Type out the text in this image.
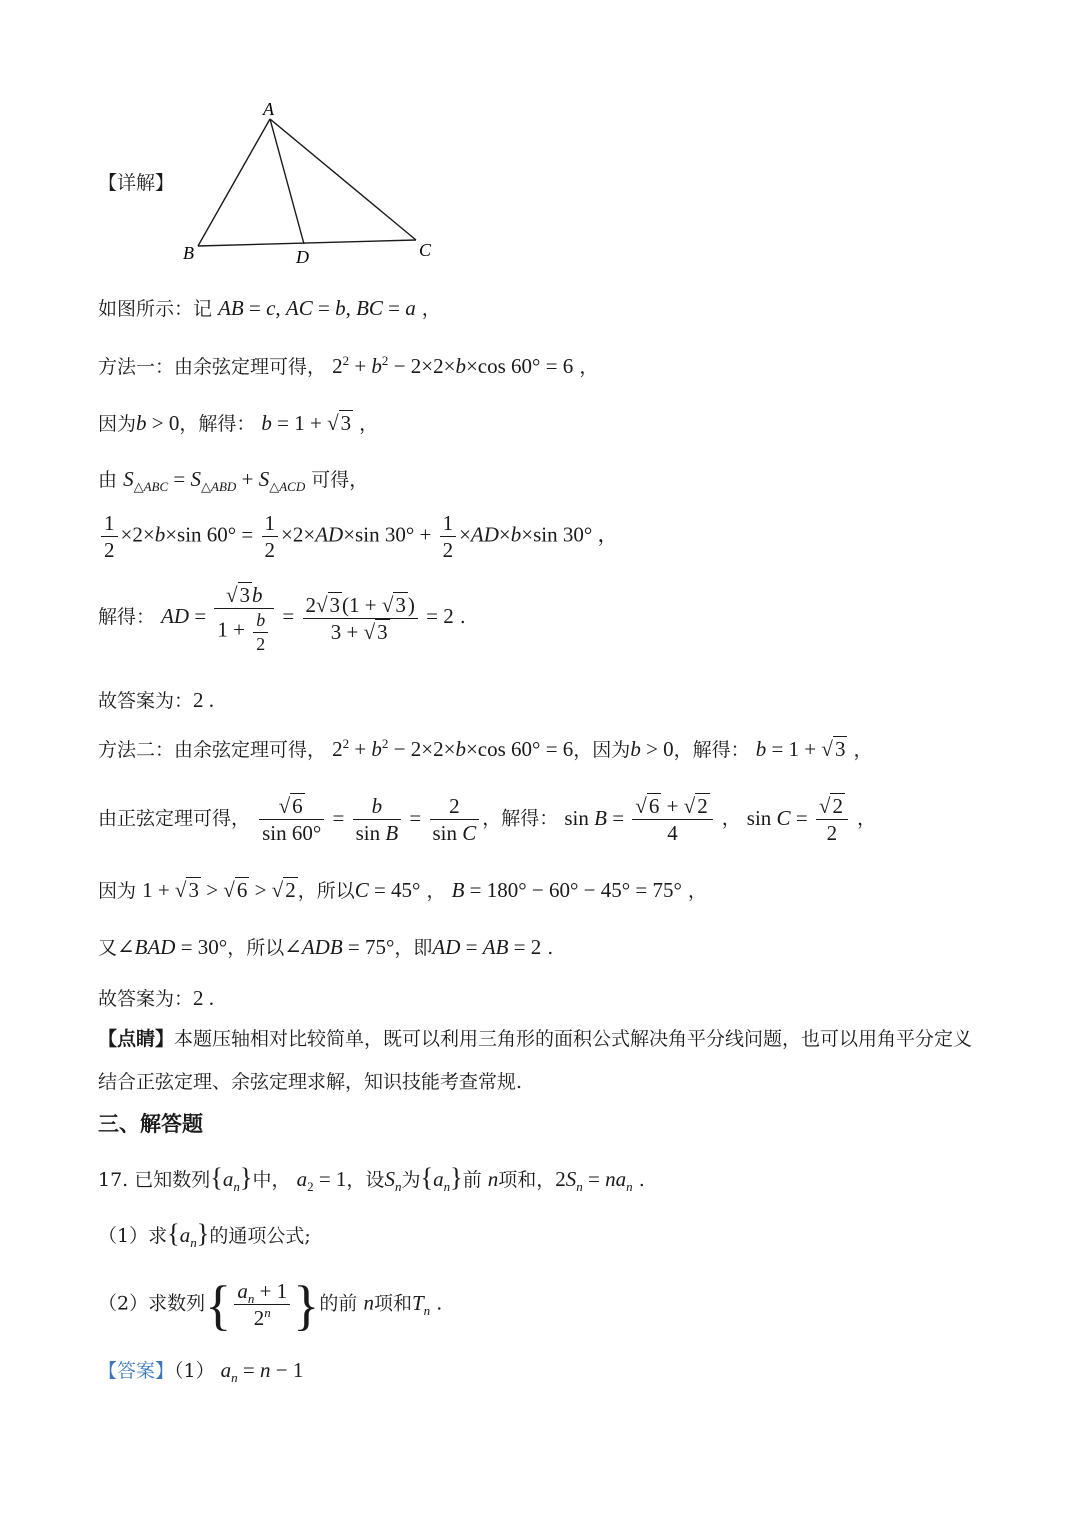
A
B	D	C
【详解】
如图所示：记 AB = c, AC = b, BC = a ，
方法一：由余弦定理可得， $2^2 + b^2 - 2\times 2\times b\times\cos$ 60° = 6 ，
因为b > 0，解得： b = 1 + √3 ，
由 $S_{\triangle ABC} = S_{\triangle ABD} + S_{\triangle ACD}$ 可得，
$\frac{1}{2} \times 2\times b\times\sin$ $60^\circ = \frac{1}{2} \times 2\times AD\times\sin$ $30^\circ + \frac{1}{2} \times AD\times b\times\sin$ 30° ，
解得： AD = $\frac{√3b}{1 + \frac{b}{2}} = \frac{2√3(1 + √3)}{3 + √3} = 2$ .
故答案为：2 .
方法二：由余弦定理可得， $2^2 + b^2 - 2\times 2\times b\times\cos$ 60° = 6，因为b > 0，解得： b = 1 + √3 ，
由正弦定理可得， $\frac{√6}{\sin 60^\circ} = \frac{b}{\text{sin B}} = \frac{2}{\text{sin C}}$ ，解得： $\sin B = \frac{√6 + √2}{4}$ ， $\sin C = \frac{√2}{2}$ ，
因为 1 + √3 > √6 > √2 ，所以C = 45° ， B = 180° − 60° − 45° = 75° ，
又∠BAD = 30°，所以∠ADB = 75°，即AD = AB = 2 .
故答案为：2 .
【点睛】本题压轴相对比较简单，既可以利用三角形的面积公式解决角平分线问题，也可以用角平分定义
结合正弦定理、余弦定理求解，知识技能考查常规.
三、解答题
17. 已知数列$\{a_n\}$中， $a_2 = 1$，设$S_n$为$\{a_n\}$前 n项和，$2S_n = na_n$ .
（1）求$\{a_n\}$的通项公式;
（2）求数列{ $\frac{a_n + 1}{2^n}$ }的前 n项和$T_n$ .
【答案】（1） $a_n = n - 1$
